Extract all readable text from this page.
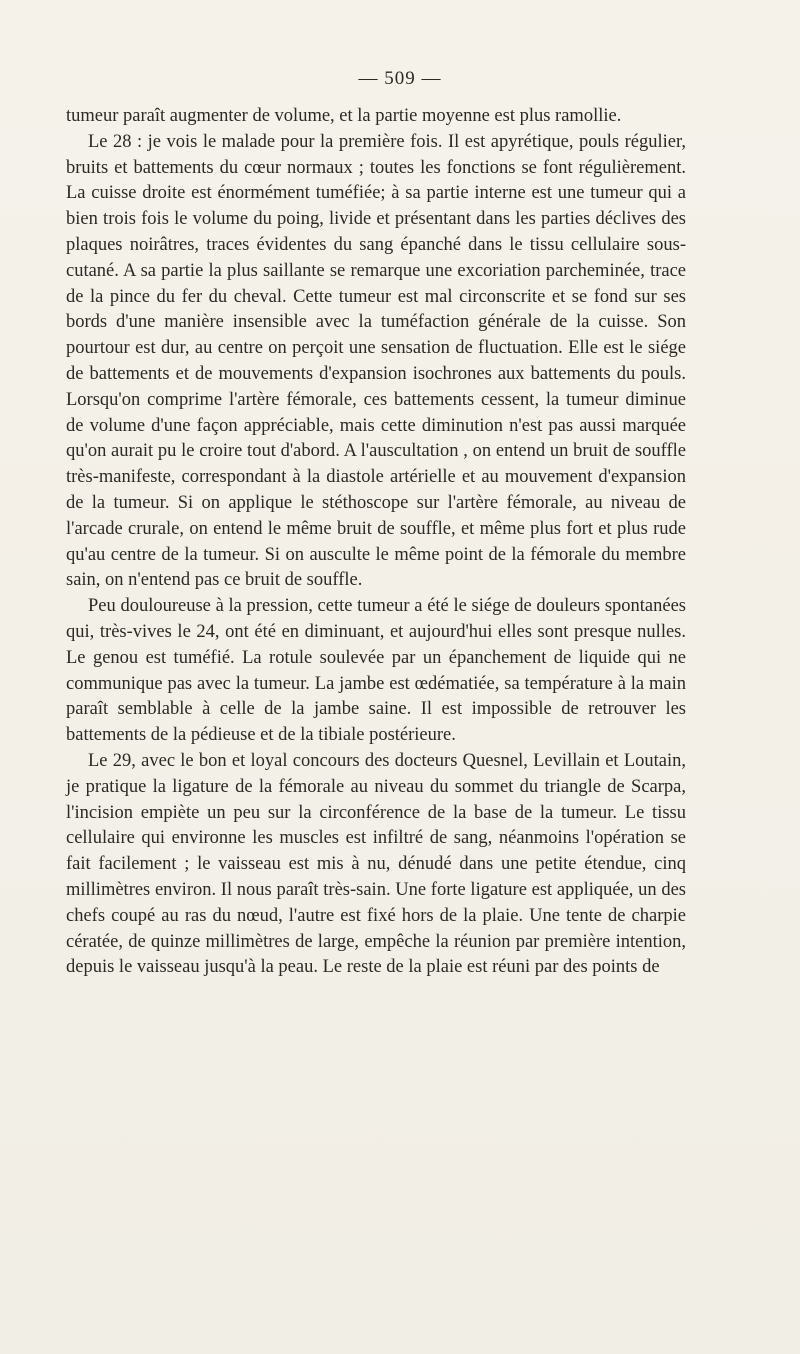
— 509 —

tumeur paraît augmenter de volume, et la partie moyenne est plus ramollie.

Le 28 : je vois le malade pour la première fois. Il est apyrétique, pouls régulier, bruits et battements du cœur normaux ; toutes les fonctions se font régulièrement. La cuisse droite est énormément tuméfiée; à sa partie interne est une tumeur qui a bien trois fois le volume du poing, livide et présentant dans les parties déclives des plaques noirâtres, traces évidentes du sang épanché dans le tissu cellulaire sous-cutané. A sa partie la plus saillante se remarque une excoriation parcheminée, trace de la pince du fer du cheval. Cette tumeur est mal circonscrite et se fond sur ses bords d'une manière insensible avec la tuméfaction générale de la cuisse. Son pourtour est dur, au centre on perçoit une sensation de fluctuation. Elle est le siége de battements et de mouvements d'expansion isochrones aux battements du pouls. Lorsqu'on comprime l'artère fémorale, ces battements cessent, la tumeur diminue de volume d'une façon appréciable, mais cette diminution n'est pas aussi marquée qu'on aurait pu le croire tout d'abord. A l'auscultation , on entend un bruit de souffle très-manifeste, correspondant à la diastole artérielle et au mouvement d'expansion de la tumeur. Si on applique le stéthoscope sur l'artère fémorale, au niveau de l'arcade crurale, on entend le même bruit de souffle, et même plus fort et plus rude qu'au centre de la tumeur. Si on ausculte le même point de la fémorale du membre sain, on n'entend pas ce bruit de souffle.

Peu douloureuse à la pression, cette tumeur a été le siége de douleurs spontanées qui, très-vives le 24, ont été en diminuant, et aujourd'hui elles sont presque nulles. Le genou est tuméfié. La rotule soulevée par un épanchement de liquide qui ne communique pas avec la tumeur. La jambe est œdématiée, sa température à la main paraît semblable à celle de la jambe saine. Il est impossible de retrouver les battements de la pédieuse et de la tibiale postérieure.

Le 29, avec le bon et loyal concours des docteurs Quesnel, Levillain et Loutain, je pratique la ligature de la fémorale au niveau du sommet du triangle de Scarpa, l'incision empiète un peu sur la circonférence de la base de la tumeur. Le tissu cellulaire qui environne les muscles est infiltré de sang, néanmoins l'opération se fait facilement ; le vaisseau est mis à nu, dénudé dans une petite étendue, cinq millimètres environ. Il nous paraît très-sain. Une forte ligature est appliquée, un des chefs coupé au ras du nœud, l'autre est fixé hors de la plaie. Une tente de charpie cératée, de quinze millimètres de large, empêche la réunion par première intention, depuis le vaisseau jusqu'à la peau. Le reste de la plaie est réuni par des points de
